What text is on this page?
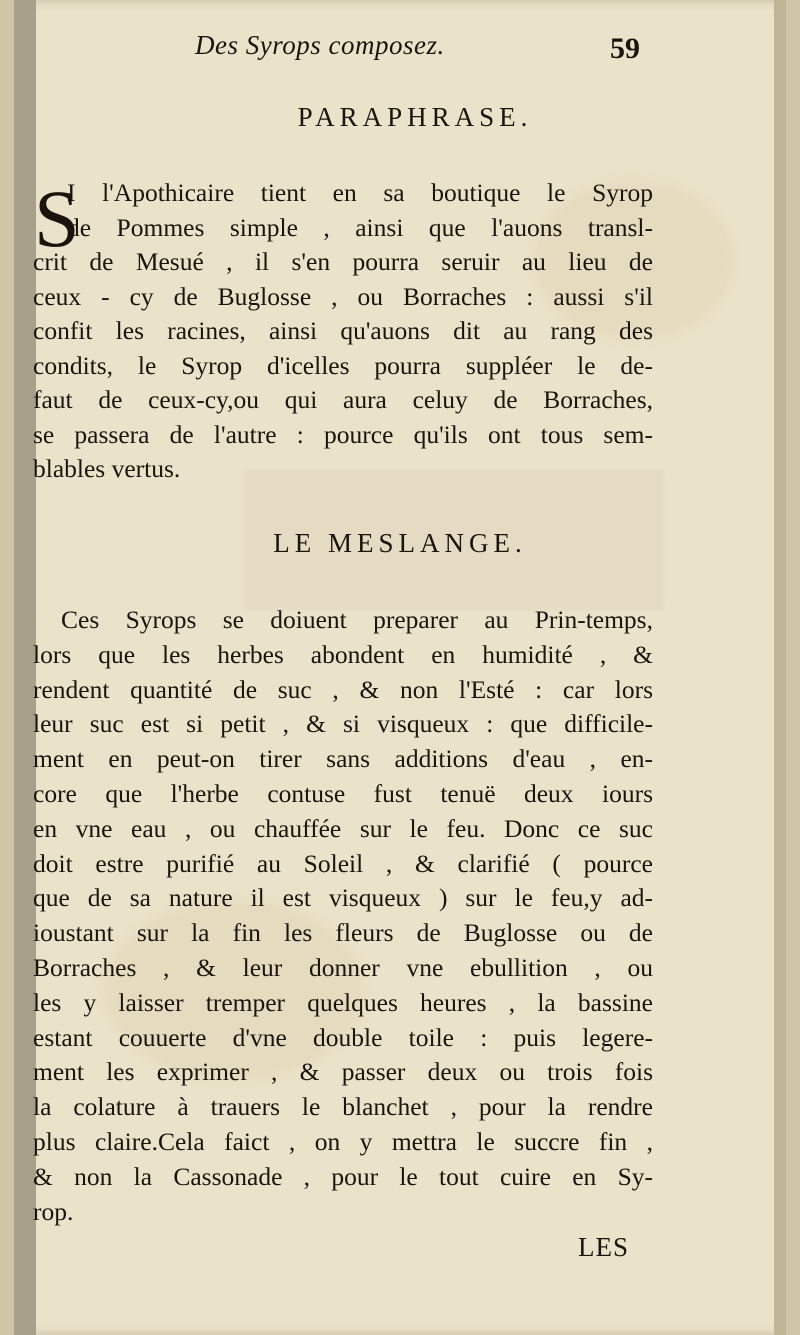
Des Syrops composez.	59
PARAPHRASE.
S
I l'Apothicaire tient en sa boutique le Syrop
de Pommes simple , ainsi que l'auons transl-
crit de Mesué , il s'en pourra seruir au lieu de
ceux - cy de Buglosse , ou Borraches : aussi s'il
confit les racines, ainsi qu'auons dit au rang des
condits, le Syrop d'icelles pourra suppléer le de-
faut de ceux-cy,ou qui aura celuy de Borraches,
se passera de l'autre : pource qu'ils ont tous sem-
blables vertus.
LE MESLANGE.
Ces Syrops se doiuent preparer au Prin-temps,
lors que les herbes abondent en humidité , &
rendent quantité de suc , & non l'Esté : car lors
leur suc est si petit , & si visqueux : que difficile-
ment en peut-on tirer sans additions d'eau , en-
core que l'herbe contuse fust tenuë deux iours
en vne eau , ou chauffée sur le feu. Donc ce suc
doit estre purifié au Soleil , & clarifié ( pource
que de sa nature il est visqueux ) sur le feu,y ad-
ioustant sur la fin les fleurs de Buglosse ou de
Borraches , & leur donner vne ebullition , ou
les y laisser tremper quelques heures , la bassine
estant couuerte d'vne double toile : puis legere-
ment les exprimer , & passer deux ou trois fois
la colature à trauers le blanchet , pour la rendre
plus claire.Cela faict , on y mettra le succre fin ,
& non la Cassonade , pour le tout cuire en Sy-
rop.
LES
